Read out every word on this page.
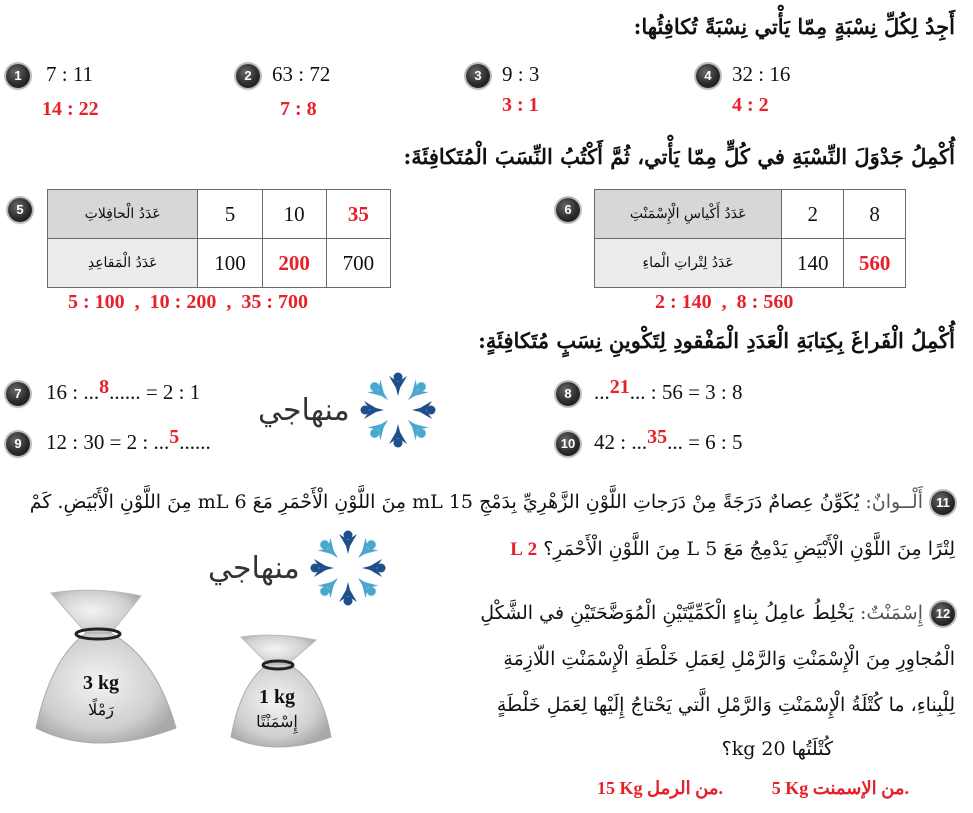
أَجِدُ لِكُلِّ نِسْبَةٍ مِمّا يَأْتي نِسْبَةً تُكافِئُها:
1	7 : 11
14 : 22
2 63 : 72
7 : 8
3 9 : 3
3 : 1
4 32 : 16
4 : 2
أُكْمِلُ جَدْوَلَ النِّسْبَةِ في كُلٍّ مِمّا يَأْتي، ثُمَّ أَكْتُبُ النِّسَبَ الْمُتَكافِئَةَ:
5	عَدَدُ الْحافِلاتِ	5	10	35
عَدَدُ الْمَقاعِدِ	100	200	700
5 : 100  ,  10 : 200  ,  35 : 700
6	عَدَدُ أَكْياسِ الْإِسْمَنْتِ	2	8
عَدَدُ لِتْراتِ الْماءِ	140	560
2 : 140  ,  8 : 560
أُكْمِلُ الْفَراغَ بِكِتابَةِ الْعَدَدِ الْمَفْقودِ لِتَكْوينِ نِسَبٍ مُتَكافِئَةٍ:
7	16 : ...8...... = 2 : 1	8	...21... : 56 = 3 : 8
9	12 : 30 = 2 : ...5......	10 42 : ...35... = 6 : 5
منهاجي
11
أَلْــوانٌ: يُكَوِّنُ عِصامٌ دَرَجَةً مِنْ دَرَجاتِ اللَّوْنِ الزَّهْرِيِّ بِدَمْجِ 15 mL مِنَ اللَّوْنِ الْأَحْمَرِ مَعَ 6 mL مِنَ اللَّوْنِ الْأَبْيَضِ. كَمْ
لِتْرًا مِنَ اللَّوْنِ الْأَبْيَضِ يَدْمِجُ مَعَ 5 L مِنَ اللَّوْنِ الْأَحْمَرِ؟ 2 L
منهاجي
3 kg
رَمْلًا
1 kg
إِسْمَنْتًا
12
إِسْمَنْتٌ: يَخْلِطُ عامِلُ بِناءٍ الْكَمِّيَّتَيْنِ الْمُوَضَّحَتَيْنِ في الشَّكْلِ
الْمُجاوِرِ مِنَ الْإِسْمَنْتِ وَالرَّمْلِ لِعَمَلِ خَلْطَةِ الْإِسْمَنْتِ اللّازِمَةِ
لِلْبِناءِ، ما كُتْلَةُ الْإِسْمَنْتِ وَالرَّمْلِ الَّتي يَحْتاجُ إِلَيْها لِعَمَلِ خَلْطَةٍ
كُتْلَتُها 20 kg؟
5 Kg من الإسمنت.
15 Kg من الرمل.
